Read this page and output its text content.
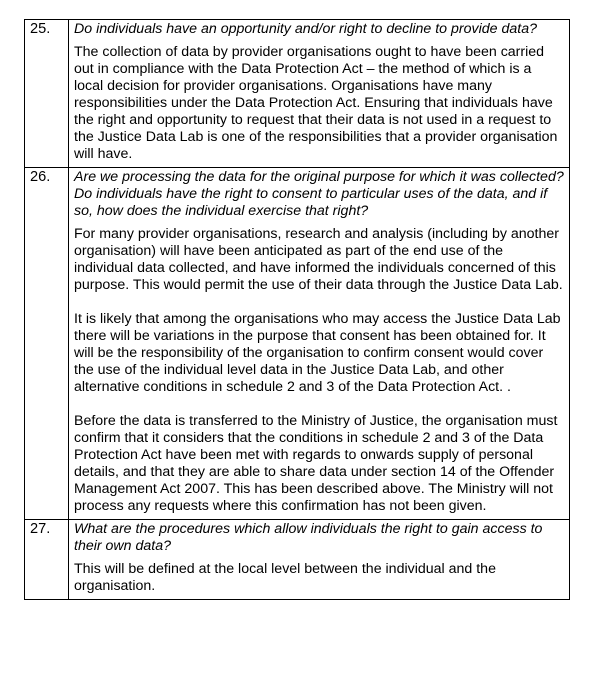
25.	Do individuals have an opportunity and/or right to decline to provide data?

The collection of data by provider organisations ought to have been carried out in compliance with the Data Protection Act – the method of which is a local decision for provider organisations. Organisations have many responsibilities under the Data Protection Act. Ensuring that individuals have the right and opportunity to request that their data is not used in a request to the Justice Data Lab is one of the responsibilities that a provider organisation will have.

26.	Are we processing the data for the original purpose for which it was collected? Do individuals have the right to consent to particular uses of the data, and if so, how does the individual exercise that right?

For many provider organisations, research and analysis (including by another organisation) will have been anticipated as part of the end use of the individual data collected, and have informed the individuals concerned of this purpose. This would permit the use of their data through the Justice Data Lab.

It is likely that among the organisations who may access the Justice Data Lab there will be variations in the purpose that consent has been obtained for. It will be the responsibility of the organisation to confirm consent would cover the use of the individual level data in the Justice Data Lab, and other alternative conditions in schedule 2 and 3 of the Data Protection Act. .

Before the data is transferred to the Ministry of Justice, the organisation must confirm that it considers that the conditions in schedule 2 and 3 of the Data Protection Act have been met with regards to onwards supply of personal details, and that they are able to share data under section 14 of the Offender Management Act 2007. This has been described above. The Ministry will not process any requests where this confirmation has not been given.

27.	What are the procedures which allow individuals the right to gain access to their own data?

This will be defined at the local level between the individual and the organisation.
